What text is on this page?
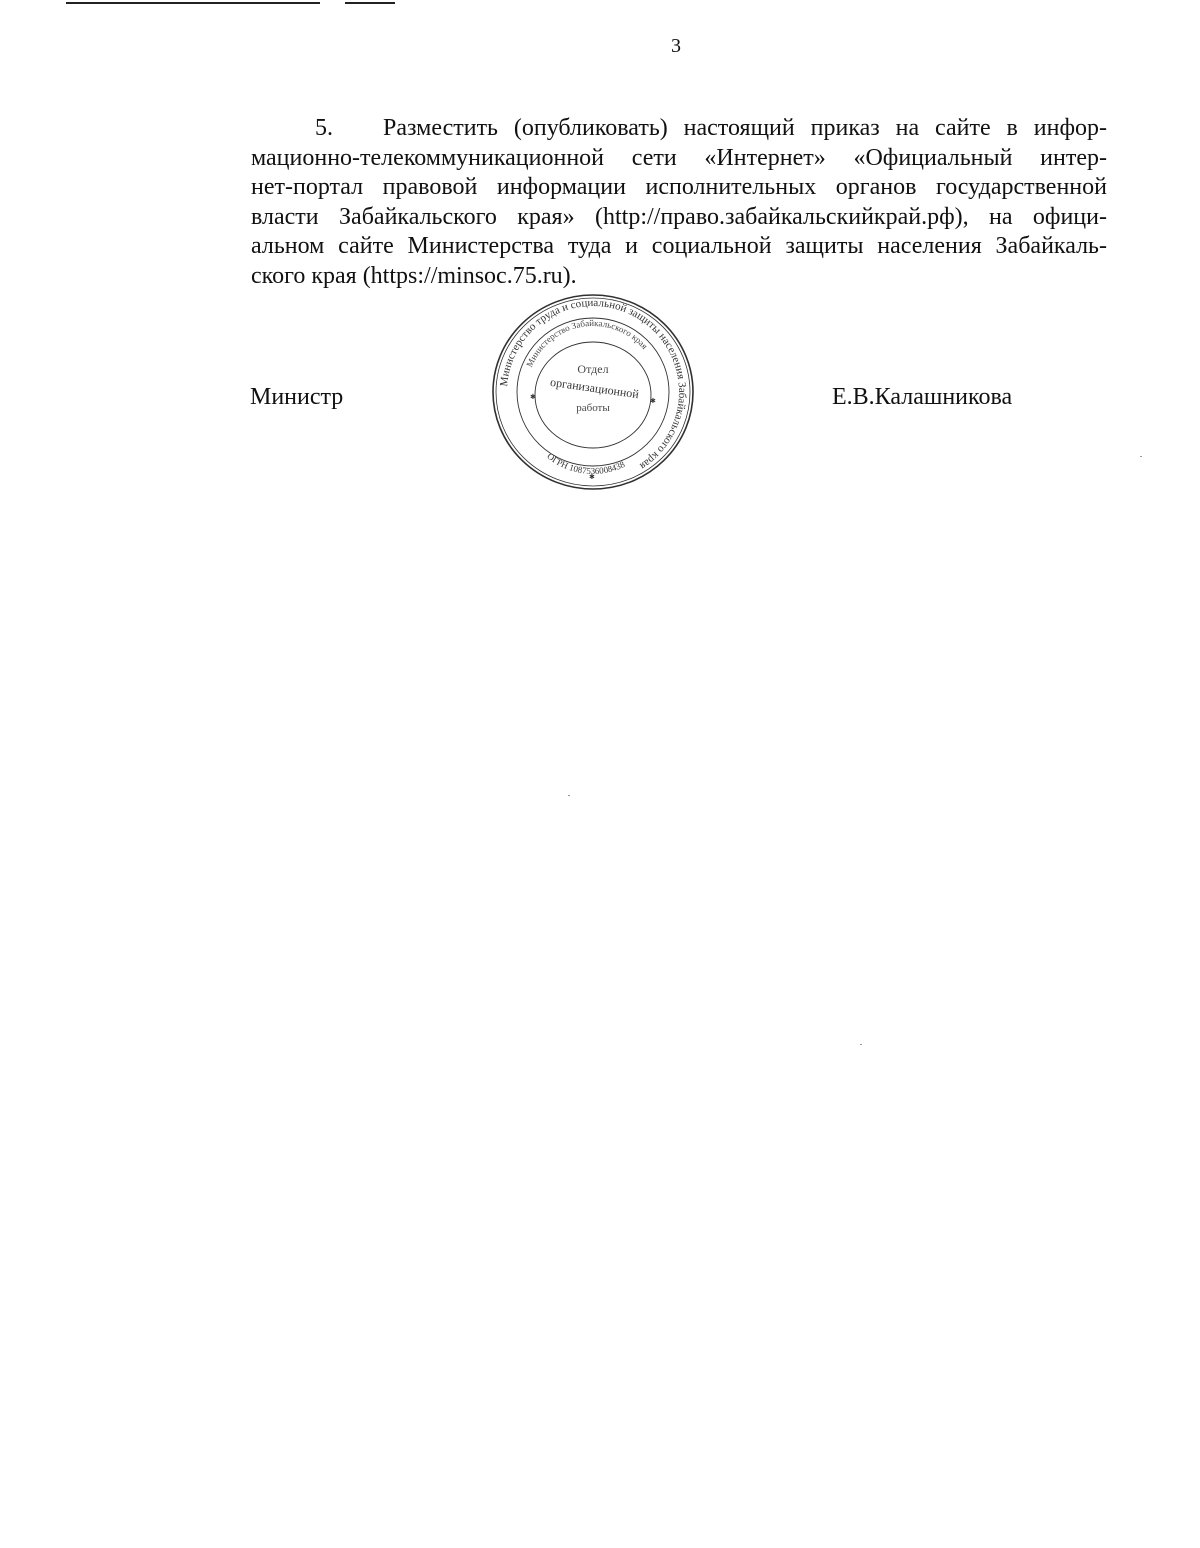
3
5. Разместить (опубликовать) настоящий приказ на сайте в инфор-
мационно-телекоммуникационной сети «Интернет» «Официальный интер-
нет-портал правовой информации исполнительных органов государственной
власти Забайкальского края» (http://право.забайкальскийкрай.рф), на офици-
альном сайте Министерства туда и социальной защиты населения Забайкаль-
ского края (https://minsoc.75.ru).
Министр	Е.В.Калашникова
Министерство труда и социальной защиты населения Забайкальского края
Министерство Забайкальского края
ОГРН 1087536008438
Отдел
организационной
работы
✱	✱
✱
